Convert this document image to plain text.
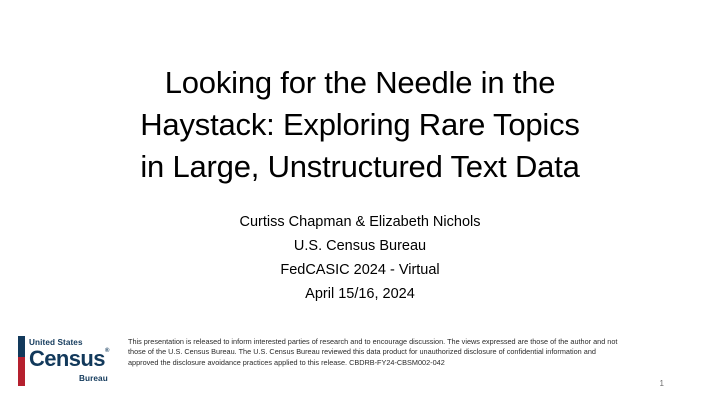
Looking for the Needle in the
Haystack: Exploring Rare Topics
in Large, Unstructured Text Data
Curtiss Chapman & Elizabeth Nichols
U.S. Census Bureau
FedCASIC 2024 - Virtual
April 15/16, 2024
This presentation is released to inform interested parties of research and to encourage discussion. The views expressed are those of the author and not those of the U.S. Census Bureau. The U.S. Census Bureau reviewed this data product for unauthorized disclosure of confidential information and approved the disclosure avoidance practices applied to this release. CBDRB-FY24-CBSM002-042
1
United States
Census ®
Bureau
